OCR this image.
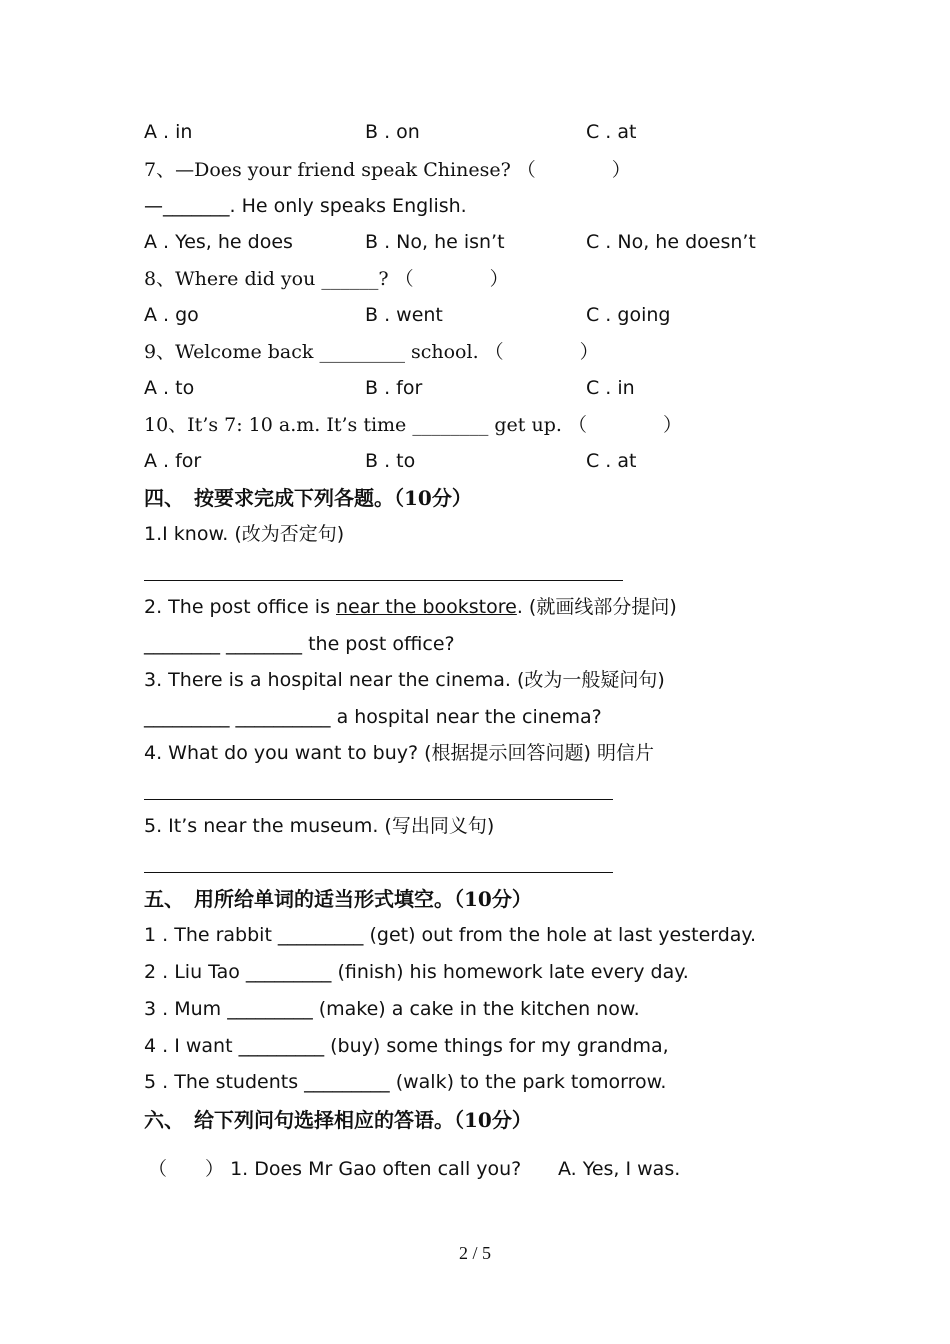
A . in	B . on	C . at
7、—Does your friend speak Chinese? （　　　　）
—_______. He only speaks English.
A . Yes, he does	B . No, he isn’t	C . No, he doesn’t
8、Where did you ______? （　　　　）
A . go	B . went	C . going
9、Welcome back _________ school. （　　　　）
A . to	B . for	C . in
10、It’s 7: 10 a.m. It’s time ________ get up. （　　　　）
A . for	B . to	C . at
四、　按要求完成下列各题。（10分）
1.I know. (改为否定句)
2. The post office is near the bookstore. (就画线部分提问)
________ ________ the post office?
3. There is a hospital near the cinema. (改为一般疑问句)
_________ __________ a hospital near the cinema?
4. What do you want to buy? (根据提示回答问题) 明信片
5. It’s near the museum. (写出同义句)
五、　用所给单词的适当形式填空。（10分）
1 . The rabbit _________ (get) out from the hole at last yesterday.
2 . Liu Tao _________ (finish) his homework late every day.
3 . Mum _________ (make) a cake in the kitchen now.
4 . I want _________ (buy) some things for my grandma,
5 . The students _________ (walk) to the park tomorrow.
六、　给下列问句选择相应的答语。（10分）
（　　） 1. Does Mr Gao often call you? A. Yes, I was.
2 / 5
